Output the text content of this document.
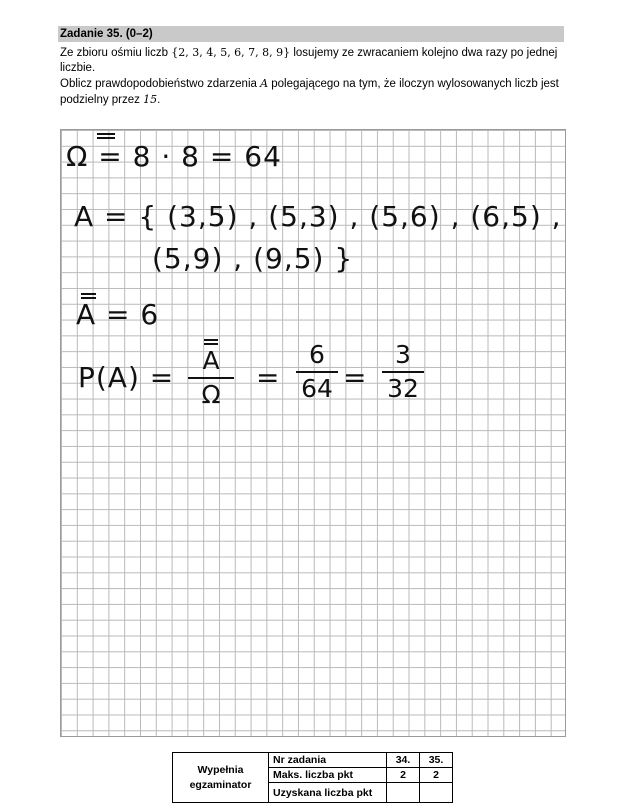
Zadanie 35. (0–2)

Ze zbioru ośmiu liczb {2, 3, 4, 5, 6, 7, 8, 9} losujemy ze zwracaniem kolejno dwa razy po jednej liczbie.

Oblicz prawdopodobieństwo zdarzenia A polegającego na tym, że iloczyn wylosowanych liczb jest podzielny przez 15.

Ω = 8 · 8 = 64
A = { (3,5) , (5,3) , (5,6) , (6,5) ,
(5,9) , (9,5) }
A = 6
P(A) =
A
Ω
=
6
64 =
3
32
Wypełnia egzaminator	Nr zadania	34.	35.
	Maks. liczba pkt	2	2
	Uzyskana liczba pkt		
